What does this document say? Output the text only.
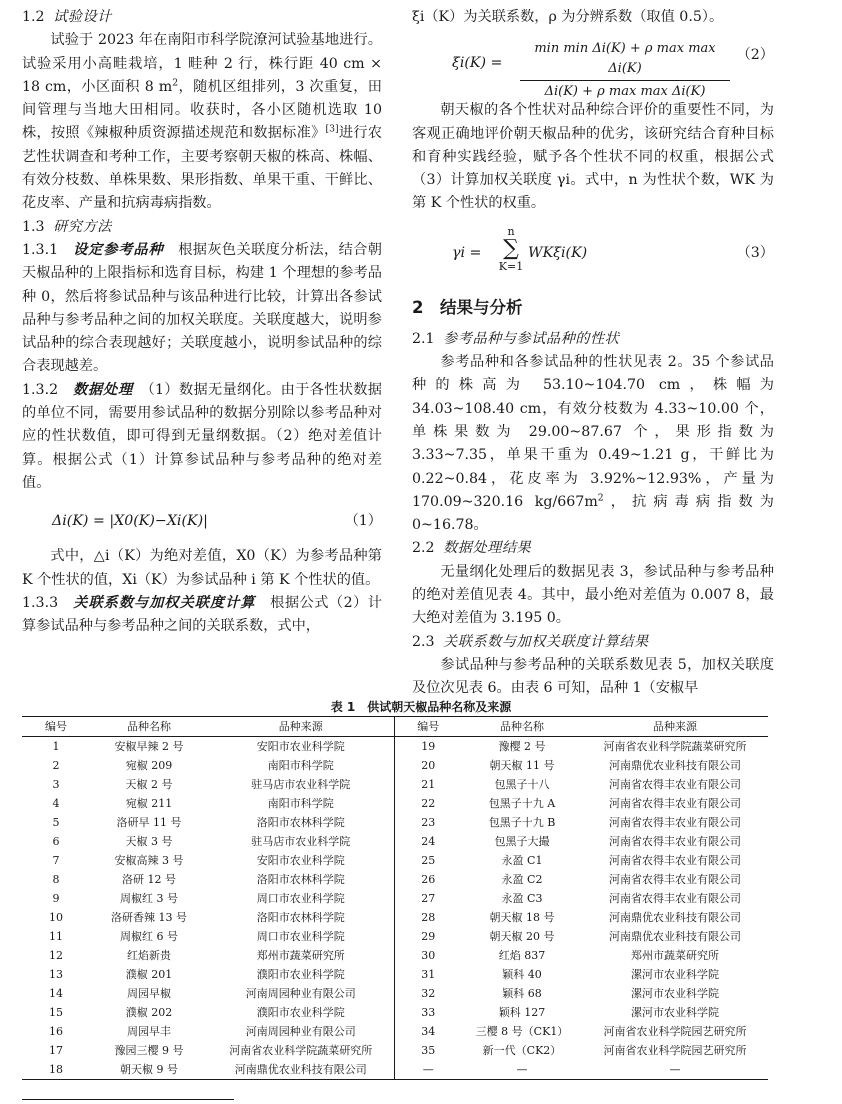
1.2 试验设计

试验于 2023 年在南阳市科学院潦河试验基地进行。试验采用小高畦栽培，1 畦种 2 行，株行距 40 cm × 18 cm，小区面积 8 $m^2$，随机区组排列，3 次重复，田间管理与当地大田相同。收获时，各小区随机选取 10 株，按照《辣椒种质资源描述规范和数据标准》[3]进行农艺性状调查和考种工作，主要考察朝天椒的株高、株幅、有效分枝数、单株果数、果形指数、单果干重、干鲜比、花皮率、产量和抗病毒病指数。

1.3 研究方法

1.3.1　 设定参考品种　 根据灰色关联度分析法，结合朝天椒品种的上限指标和选育目标，构建 1 个理想的参考品种 0，然后将参试品种与该品种进行比较，计算出各参试品种与参考品种之间的加权关联度。关联度越大，说明参试品种的综合表现越好；关联度越小，说明参试品种的综合表现越差。

1.3.2　 数据处理　 （1）数据无量纲化。由于各性状数据的单位不同，需要用参试品种的数据分别除以参考品种对应的性状数值，即可得到无量纲数据。（2）绝对差值计算。根据公式（1）计算参试品种与参考品种的绝对差值。

Δi(K) = |X0(K)−Xi(K)|	（1）

式中，△i（K）为绝对差值，X0（K）为参考品种第 K 个性状的值，Xi（K）为参试品种 i 第 K 个性状的值。

1.3.3　 关联系数与加权关联度计算　 根据公式（2）计算参试品种与参考品种之间的关联系数，式中，

ξi（K）为关联系数，ρ 为分辨系数（取值 0.5）。

ξi(K) =
min min Δi(K) + ρ max max Δi(K)
Δi(K) + ρ max max Δi(K)
（2）

朝天椒的各个性状对品种综合评价的重要性不同，为客观正确地评价朝天椒品种的优劣，该研究结合育种目标和育种实践经验，赋予各个性状不同的权重，根据公式（3）计算加权关联度 γi。式中，n 为性状个数，WK 为第 K 个性状的权重。

γi =
n
∑
K=1
WKξi(K)	（3）

2　 结果与分析

2.1 参考品种与参试品种的性状

参考品种和各参试品种的性状见表 2。35 个参试品种的株高为 53.10~104.70 cm，株幅为 34.03~108.40 cm，有效分枝数为 4.33~10.00 个，单株果数为 29.00~87.67 个，果形指数为 3.33~7.35，单果干重为 0.49~1.21 g，干鲜比为 0.22~0.84，花皮率为 3.92%~12.93%，产量为 170.09~320.16 $kg/667m^2$，抗病毒病指数为 0~16.78。

2.2 数据处理结果

无量纲化处理后的数据见表 3，参试品种与参考品种的绝对差值见表 4。其中，最小绝对差值为 0.007 8，最大绝对差值为 3.195 0。

2.3 关联系数与加权关联度计算结果

参试品种与参考品种的关联系数见表 5，加权关联度及位次见表 6。由表 6 可知，品种 1（安椒早

表 1　供试朝天椒品种名称及来源
编号	品种名称	品种来源	编号	品种名称	品种来源
1	安椒早辣 2 号	安阳市农业科学院	19	豫樱 2 号	河南省农业科学院蔬菜研究所
2	宛椒 209	南阳市科学院	20	朝天椒 11 号	河南鼎优农业科技有限公司
3	天椒 2 号	驻马店市农业科学院	21	包黑子十八	河南省农得丰农业有限公司
4	宛椒 211	南阳市科学院	22	包黑子十九 A	河南省农得丰农业有限公司
5	洛研早 11 号	洛阳市农林科学院	23	包黑子十九 B	河南省农得丰农业有限公司
6	天椒 3 号	驻马店市农业科学院	24	包黑子大撮	河南省农得丰农业有限公司
7	安椒高辣 3 号	安阳市农业科学院	25	永盈 C1	河南省农得丰农业有限公司
8	洛研 12 号	洛阳市农林科学院	26	永盈 C2	河南省农得丰农业有限公司
9	周椒红 3 号	周口市农业科学院	27	永盈 C3	河南省农得丰农业有限公司
10	洛研香辣 13 号	洛阳市农林科学院	28	朝天椒 18 号	河南鼎优农业科技有限公司
11	周椒红 6 号	周口市农业科学院	29	朝天椒 20 号	河南鼎优农业科技有限公司
12	红焰新贵	郑州市蔬菜研究所	30	红焰 837	郑州市蔬菜研究所
13	濮椒 201	濮阳市农业科学院	31	颖科 40	漯河市农业科学院
14	周园早椒	河南周园种业有限公司	32	颖科 68	漯河市农业科学院
15	濮椒 202	濮阳市农业科学院	33	颖科 127	漯河市农业科学院
16	周园早丰	河南周园种业有限公司	34	三樱 8 号（CK1）	河南省农业科学院园艺研究所
17	豫园三樱 9 号	河南省农业科学院蔬菜研究所	35	新一代（CK2）	河南省农业科学院园艺研究所
18	朝天椒 9 号	河南鼎优农业科技有限公司	—	—	—
